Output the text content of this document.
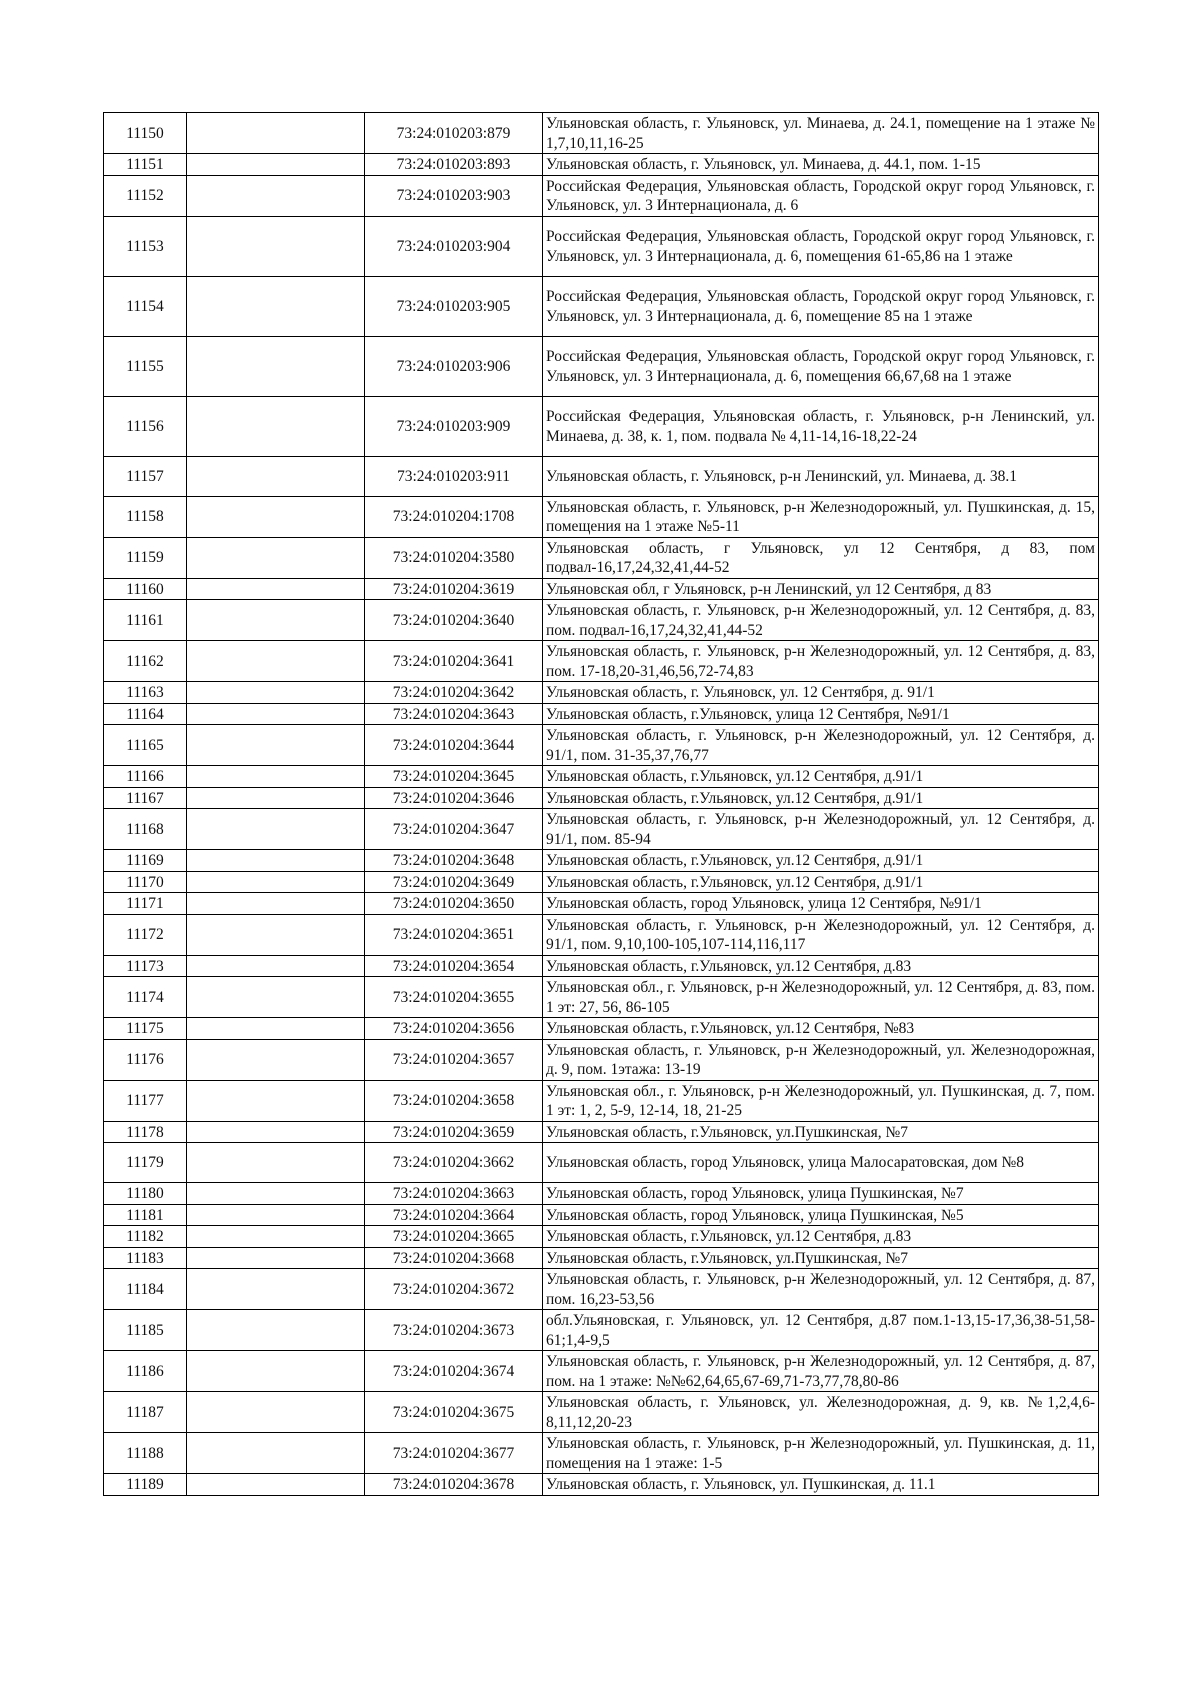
11150		73:24:010203:879	Ульяновская область, г. Ульяновск, ул. Минаева, д. 24.1, помещение на 1 этаже № 1,7,10,11,16-25
11151		73:24:010203:893	Ульяновская область, г. Ульяновск, ул. Минаева, д. 44.1, пом. 1-15
11152		73:24:010203:903	Российская Федерация, Ульяновская область, Городской округ город Ульяновск, г. Ульяновск, ул. 3 Интернационала, д. 6
11153		73:24:010203:904	Российская Федерация, Ульяновская область, Городской округ город Ульяновск, г. Ульяновск, ул. 3 Интернационала, д. 6, помещения 61-65,86 на 1 этаже
11154		73:24:010203:905	Российская Федерация, Ульяновская область, Городской округ город Ульяновск, г. Ульяновск, ул. 3 Интернационала, д. 6, помещение 85 на 1 этаже
11155		73:24:010203:906	Российская Федерация, Ульяновская область, Городской округ город Ульяновск, г. Ульяновск, ул. 3 Интернационала, д. 6, помещения 66,67,68 на 1 этаже
11156		73:24:010203:909	Российская Федерация, Ульяновская область, г. Ульяновск, р-н Ленинский, ул. Минаева, д. 38, к. 1, пом. подвала № 4,11-14,16-18,22-24
11157		73:24:010203:911	Ульяновская область, г. Ульяновск, р-н Ленинский, ул. Минаева, д. 38.1
11158		73:24:010204:1708	Ульяновская область, г. Ульяновск, р-н Железнодорожный, ул. Пушкинская, д. 15, помещения на 1 этаже №5-11
11159		73:24:010204:3580	Ульяновская область, г Ульяновск, ул 12 Сентября, д 83, пом подвал-16,17,24,32,41,44-52
11160		73:24:010204:3619	Ульяновская обл, г Ульяновск, р-н Ленинский, ул 12 Сентября, д 83
11161		73:24:010204:3640	Ульяновская область, г. Ульяновск, р-н Железнодорожный, ул. 12 Сентября, д. 83, пом. подвал-16,17,24,32,41,44-52
11162		73:24:010204:3641	Ульяновская область, г. Ульяновск, р-н Железнодорожный, ул. 12 Сентября, д. 83, пом. 17-18,20-31,46,56,72-74,83
11163		73:24:010204:3642	Ульяновская область, г. Ульяновск, ул. 12 Сентября, д. 91/1
11164		73:24:010204:3643	Ульяновская область, г.Ульяновск, улица 12 Сентября, №91/1
11165		73:24:010204:3644	Ульяновская область, г. Ульяновск, р-н Железнодорожный, ул. 12 Сентября, д. 91/1, пом. 31-35,37,76,77
11166		73:24:010204:3645	Ульяновская область, г.Ульяновск, ул.12 Сентября, д.91/1
11167		73:24:010204:3646	Ульяновская область, г.Ульяновск, ул.12 Сентября, д.91/1
11168		73:24:010204:3647	Ульяновская область, г. Ульяновск, р-н Железнодорожный, ул. 12 Сентября, д. 91/1, пом. 85-94
11169		73:24:010204:3648	Ульяновская область, г.Ульяновск, ул.12 Сентября, д.91/1
11170		73:24:010204:3649	Ульяновская область, г.Ульяновск, ул.12 Сентября, д.91/1
11171		73:24:010204:3650	Ульяновская область, город Ульяновск, улица 12 Сентября, №91/1
11172		73:24:010204:3651	Ульяновская область, г. Ульяновск, р-н Железнодорожный, ул. 12 Сентября, д. 91/1, пом. 9,10,100-105,107-114,116,117
11173		73:24:010204:3654	Ульяновская область, г.Ульяновск, ул.12 Сентября, д.83
11174		73:24:010204:3655	Ульяновская обл., г. Ульяновск, р-н Железнодорожный, ул. 12 Сентября, д. 83, пом. 1 эт: 27, 56, 86-105
11175		73:24:010204:3656	Ульяновская область, г.Ульяновск, ул.12 Сентября, №83
11176		73:24:010204:3657	Ульяновская область, г. Ульяновск, р-н Железнодорожный, ул. Железнодорожная, д. 9, пом. 1этажа: 13-19
11177		73:24:010204:3658	Ульяновская обл., г. Ульяновск, р-н Железнодорожный, ул. Пушкинская, д. 7, пом. 1 эт: 1, 2, 5-9, 12-14, 18, 21-25
11178		73:24:010204:3659	Ульяновская область, г.Ульяновск, ул.Пушкинская, №7
11179		73:24:010204:3662	Ульяновская область, город Ульяновск, улица Малосаратовская, дом №8
11180		73:24:010204:3663	Ульяновская область, город Ульяновск, улица Пушкинская, №7
11181		73:24:010204:3664	Ульяновская область, город Ульяновск, улица Пушкинская, №5
11182		73:24:010204:3665	Ульяновская область, г.Ульяновск, ул.12 Сентября, д.83
11183		73:24:010204:3668	Ульяновская область, г.Ульяновск, ул.Пушкинская, №7
11184		73:24:010204:3672	Ульяновская область, г. Ульяновск, р-н Железнодорожный, ул. 12 Сентября, д. 87, пом. 16,23-53,56
11185		73:24:010204:3673	обл.Ульяновская, г. Ульяновск, ул. 12 Сентября, д.87 пом.1-13,15-17,36,38-51,58-61;1,4-9,5
11186		73:24:010204:3674	Ульяновская область, г. Ульяновск, р-н Железнодорожный, ул. 12 Сентября, д. 87, пом. на 1 этаже: №№62,64,65,67-69,71-73,77,78,80-86
11187		73:24:010204:3675	Ульяновская область, г. Ульяновск, ул. Железнодорожная, д. 9, кв. №1,2,4,6-8,11,12,20-23
11188		73:24:010204:3677	Ульяновская область, г. Ульяновск, р-н Железнодорожный, ул. Пушкинская, д. 11, помещения на 1 этаже: 1-5
11189		73:24:010204:3678	Ульяновская область, г. Ульяновск, ул. Пушкинская, д. 11.1
